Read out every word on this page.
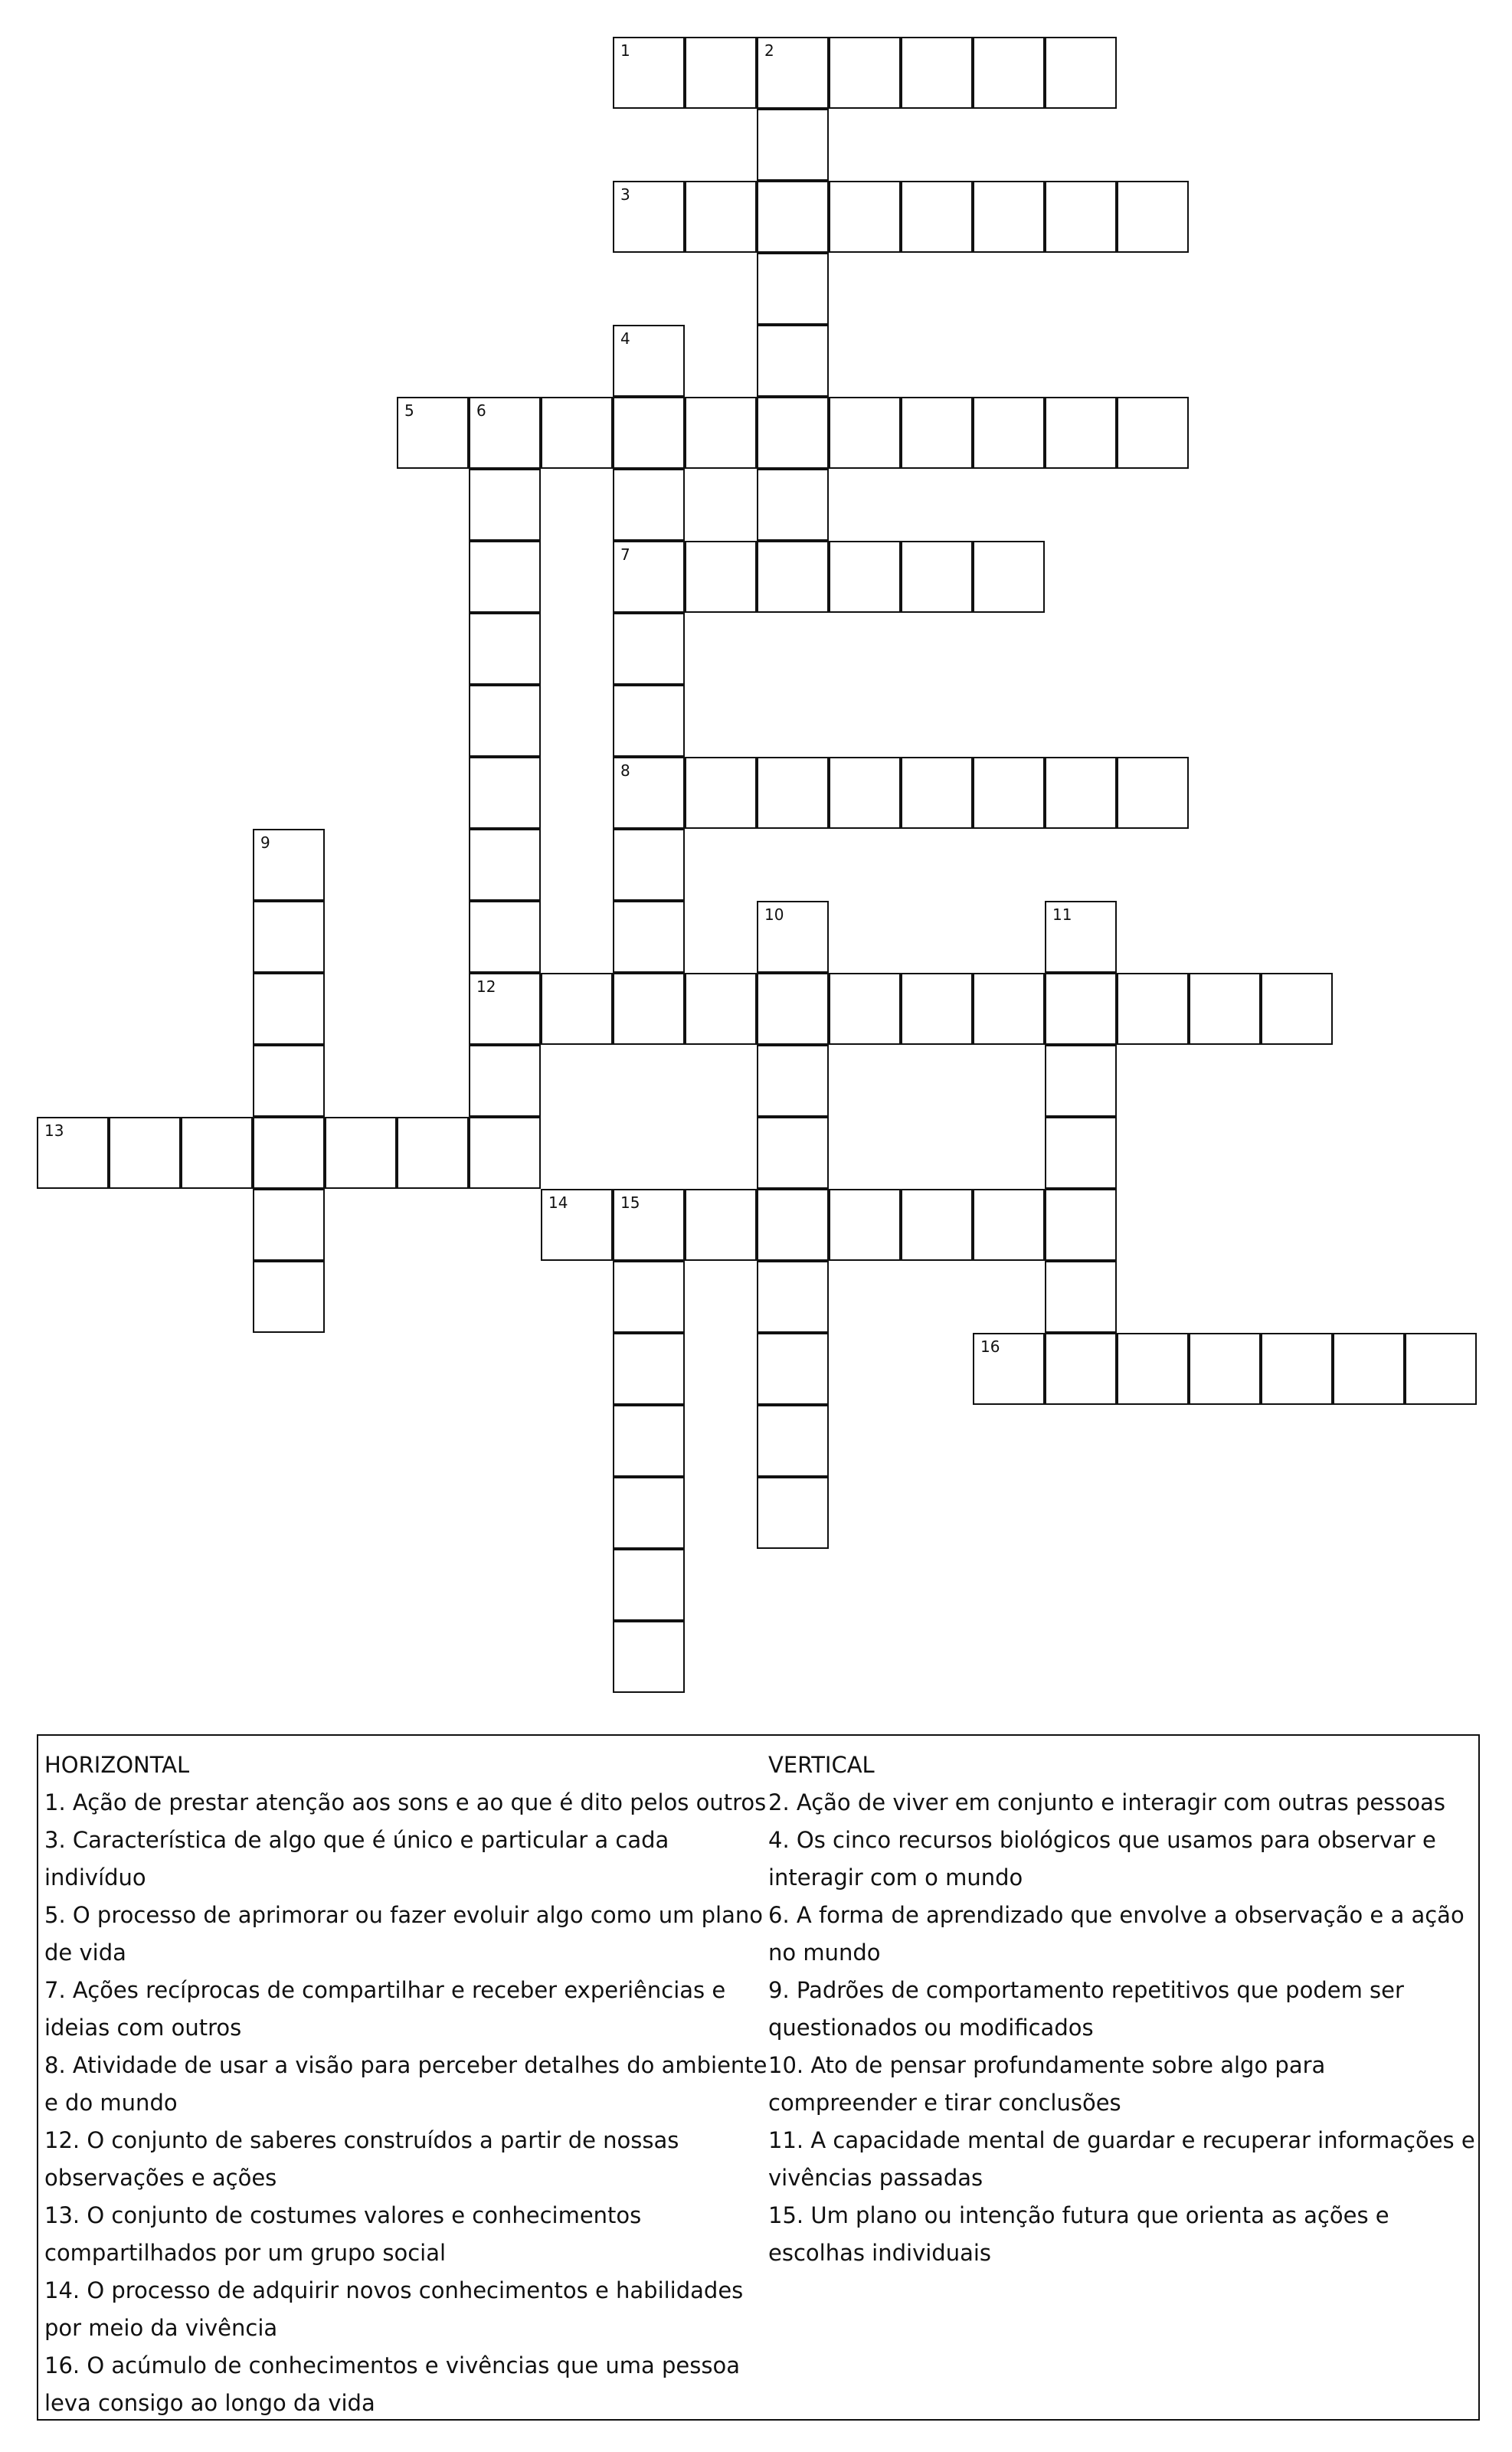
1	2
3
4
7
8
5	6
12
9
10	11
13
14	15
16

HORIZONTAL

1. Ação de prestar atenção aos sons e ao que é dito pelos outros

3. Característica de algo que é único e particular a cada indivíduo

5. O processo de aprimorar ou fazer evoluir algo como um plano de vida

7. Ações recíprocas de compartilhar e receber experiências e ideias com outros

8. Atividade de usar a visão para perceber detalhes do ambiente e do mundo

12. O conjunto de saberes construídos a partir de nossas observações e ações

13. O conjunto de costumes valores e conhecimentos compartilhados por um grupo social

14. O processo de adquirir novos conhecimentos e habilidades por meio da vivência

16. O acúmulo de conhecimentos e vivências que uma pessoa leva consigo ao longo da vida

VERTICAL

2. Ação de viver em conjunto e interagir com outras pessoas

4. Os cinco recursos biológicos que usamos para observar e interagir com o mundo

6. A forma de aprendizado que envolve a observação e a ação no mundo

9. Padrões de comportamento repetitivos que podem ser questionados ou modificados

10. Ato de pensar profundamente sobre algo para compreender e tirar conclusões

11. A capacidade mental de guardar e recuperar informações e vivências passadas

15. Um plano ou intenção futura que orienta as ações e escolhas individuais
